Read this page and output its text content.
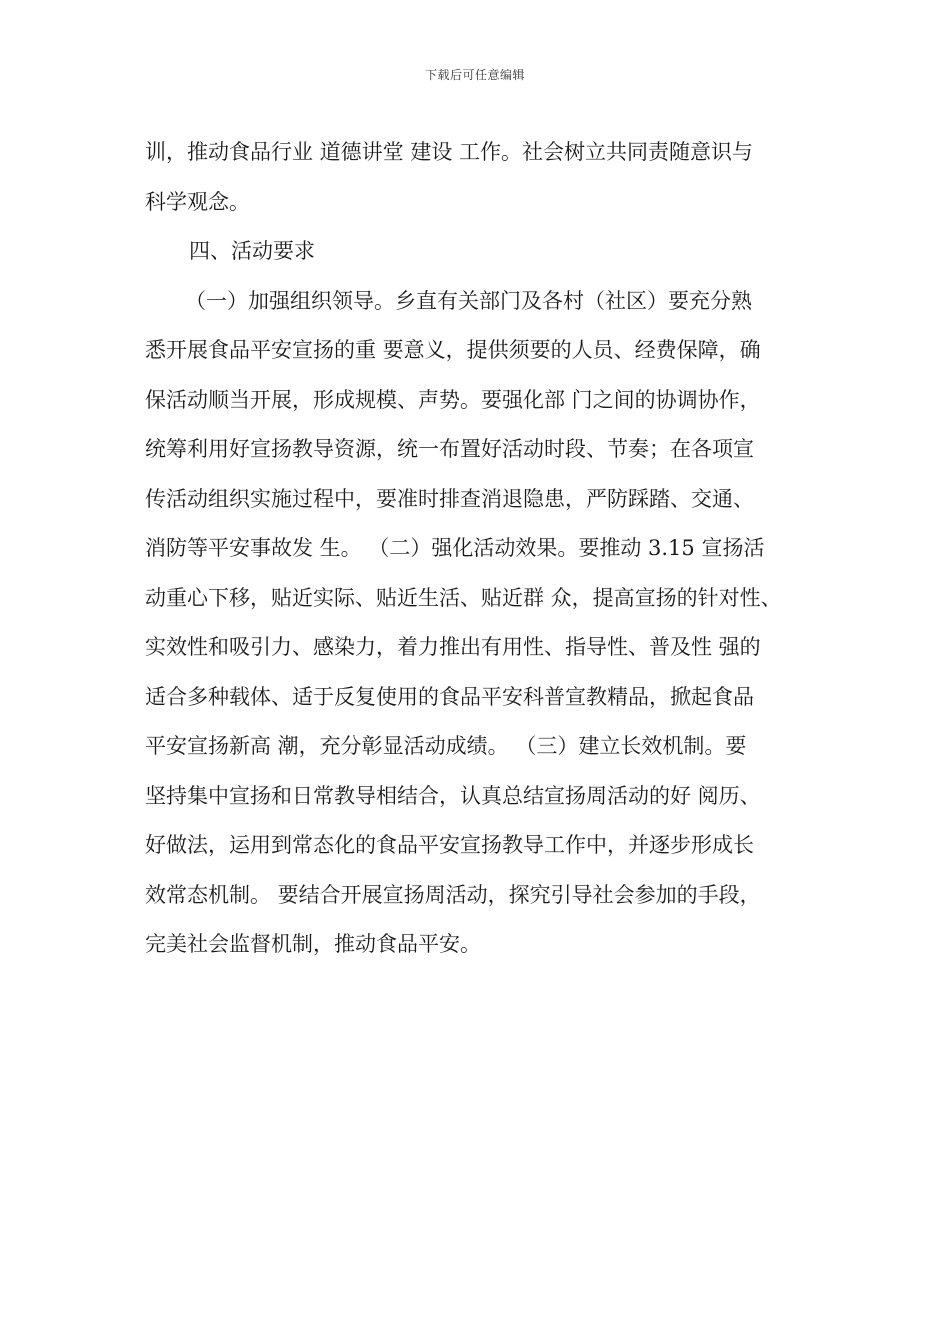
下载后可任意编辑
训，推动食品行业 道德讲堂 建设 工作。社会树立共同责随意识与
科学观念。
四、活动要求
（一）加强组织领导。乡直有关部门及各村（社区）要充分熟
悉开展食品平安宣扬的重 要意义，提供须要的人员、经费保障，确
保活动顺当开展，形成规模、声势。要强化部 门之间的协调协作，
统筹利用好宣扬教导资源，统一布置好活动时段、节奏；在各项宣
传活动组织实施过程中，要准时排查消退隐患，严防踩踏、交通、
消防等平安事故发 生。 （二）强化活动效果。要推动 3.15 宣扬活
动重心下移，贴近实际、贴近生活、贴近群 众，提高宣扬的针对性、
实效性和吸引力、感染力，着力推出有用性、指导性、普及性 强的
适合多种载体、适于反复使用的食品平安科普宣教精品，掀起食品
平安宣扬新高 潮，充分彰显活动成绩。 （三）建立长效机制。要
坚持集中宣扬和日常教导相结合，认真总结宣扬周活动的好 阅历、
好做法，运用到常态化的食品平安宣扬教导工作中，并逐步形成长
效常态机制。 要结合开展宣扬周活动，探究引导社会参加的手段，
完美社会监督机制，推动食品平安。
